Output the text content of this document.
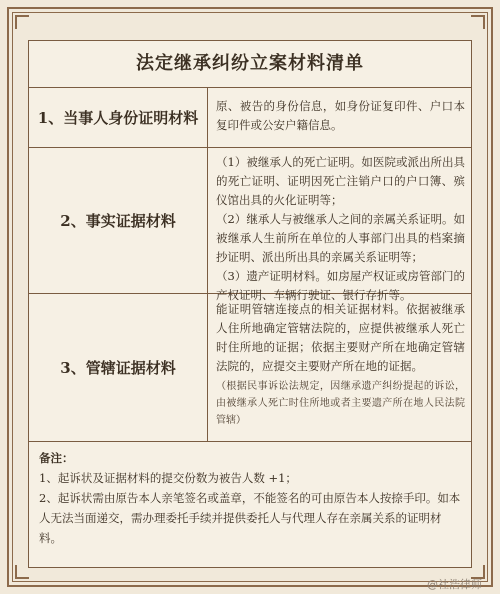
法定继承纠纷立案材料清单
1、当事人身份证明材料

原、被告的身份信息，如身份证复印件、户口本复印件或公安户籍信息。

2、事实证据材料

（1）被继承人的死亡证明。如医院或派出所出具的死亡证明、证明因死亡注销户口的户口簿、殡仪馆出具的火化证明等；

（2）继承人与被继承人之间的亲属关系证明。如被继承人生前所在单位的人事部门出具的档案摘抄证明、派出所出具的亲属关系证明等；

（3）遗产证明材料。如房屋产权证或房管部门的产权证明、车辆行驶证、银行存折等。

3、管辖证据材料

能证明管辖连接点的相关证据材料。依据被继承人住所地确定管辖法院的，应提供被继承人死亡时住所地的证据；依据主要财产所在地确定管辖法院的，应提交主要财产所在地的证据。

（根据民事诉讼法规定，因继承遗产纠纷提起的诉讼，由被继承人死亡时住所地或者主要遗产所在地人民法院管辖）

备注：

1、起诉状及证据材料的提交份数为被告人数 +1；

2、起诉状需由原告本人亲笔签名或盖章，不能签名的可由原告本人按捺手印。如本人无法当面递交，需办理委托手续并提供委托人与代理人存在亲属关系的证明材料。

@社浩律师
